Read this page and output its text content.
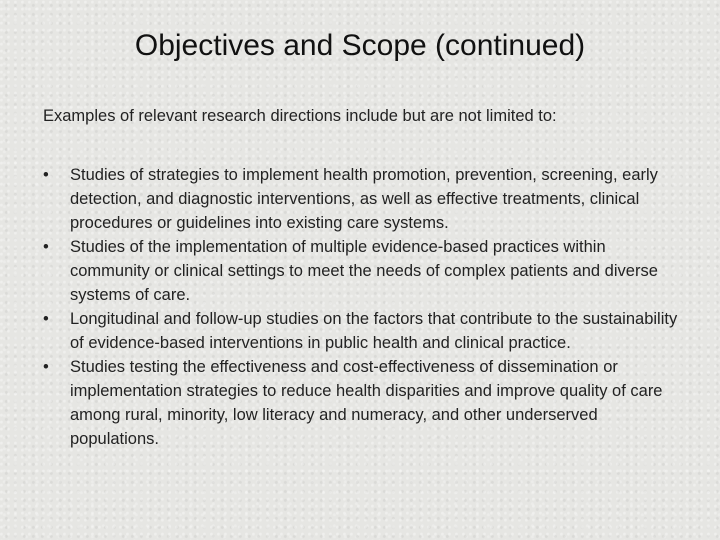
Objectives and Scope (continued)

Examples of relevant research directions include but are not limited to:

•	Studies of strategies to implement health promotion, prevention, screening, early detection, and diagnostic interventions, as well as effective treatments, clinical procedures or guidelines into existing care systems.
•	Studies of the implementation of multiple evidence-based practices within community or clinical settings to meet the needs of complex patients and diverse systems of care.
•	Longitudinal and follow-up studies on the factors that contribute to the sustainability of evidence-based interventions in public health and clinical practice.
•	Studies testing the effectiveness and cost-effectiveness of dissemination or implementation strategies to reduce health disparities and improve quality of care among rural, minority, low literacy and numeracy, and other underserved populations.
